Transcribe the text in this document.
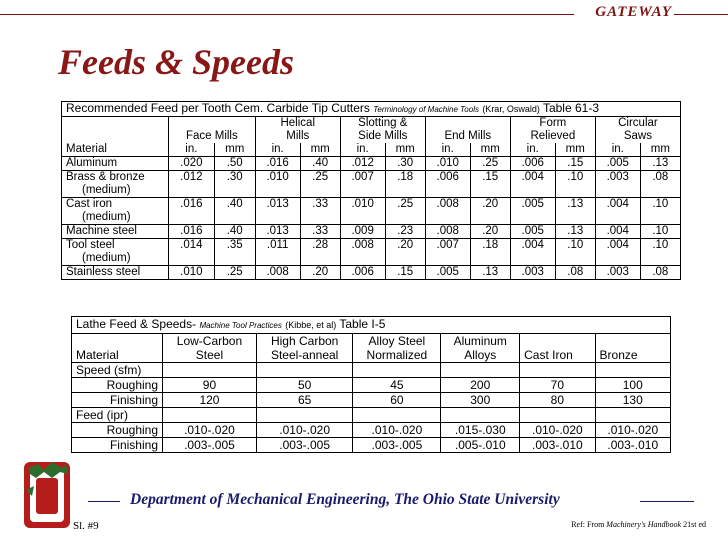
GATEWAY
Feeds & Speeds
Recommended Feed per Tooth Cem. Carbide Tip Cutters Terminology of Machine Tools (Krar, Oswald) Table 61-3												
			Helical		Slotting &				Form		Circular	
	Face Mills		Mills		Side Mills		End Mills		Relieved		Saws	
Material	in.	mm	in.	mm	in.	mm	in.	mm	in.	mm	in.	mm

Aluminum	.020	.50	.016	.40	.012	.30	.010	.25	.006	.15	.005	.13

Brass & bronze
(medium)	.012	.30	.010	.25	.007	.18	.006	.15	.004	.10	.003	.08

Cast iron
(medium)	.016	.40	.013	.33	.010	.25	.008	.20	.005	.13	.004	.10

Machine steel	.016	.40	.013	.33	.009	.23	.008	.20	.005	.13	.004	.10

Tool steel
(medium)	.014	.35	.011	.28	.008	.20	.007	.18	.004	.10	.004	.10

Stainless steel	.010	.25	.008	.20	.006	.15	.005	.13	.003	.08	.003	.08
Lathe Feed & Speeds- Machine Tool Practices (Kibbe, et al) Table I-5						
	Low-Carbon	High Carbon	Alloy Steel	Aluminum		
Material	Steel	Steel-anneal	Normalized	Alloys	Cast Iron	Bronze
Speed (sfm)						
Roughing	90	50	45	200	70	100
Finishing	120	65	60	300	80	130
Feed (ipr)						
Roughing	.010-.020	.010-.020	.010-.020	.015-.030	.010-.020	.010-.020
Finishing	.003-.005	.003-.005	.003-.005	.005-.010	.003-.010	.003-.010
Department of Mechanical Engineering, The Ohio State University
Sl. #9	Ref: From Machinery's Handbook 21st ed
